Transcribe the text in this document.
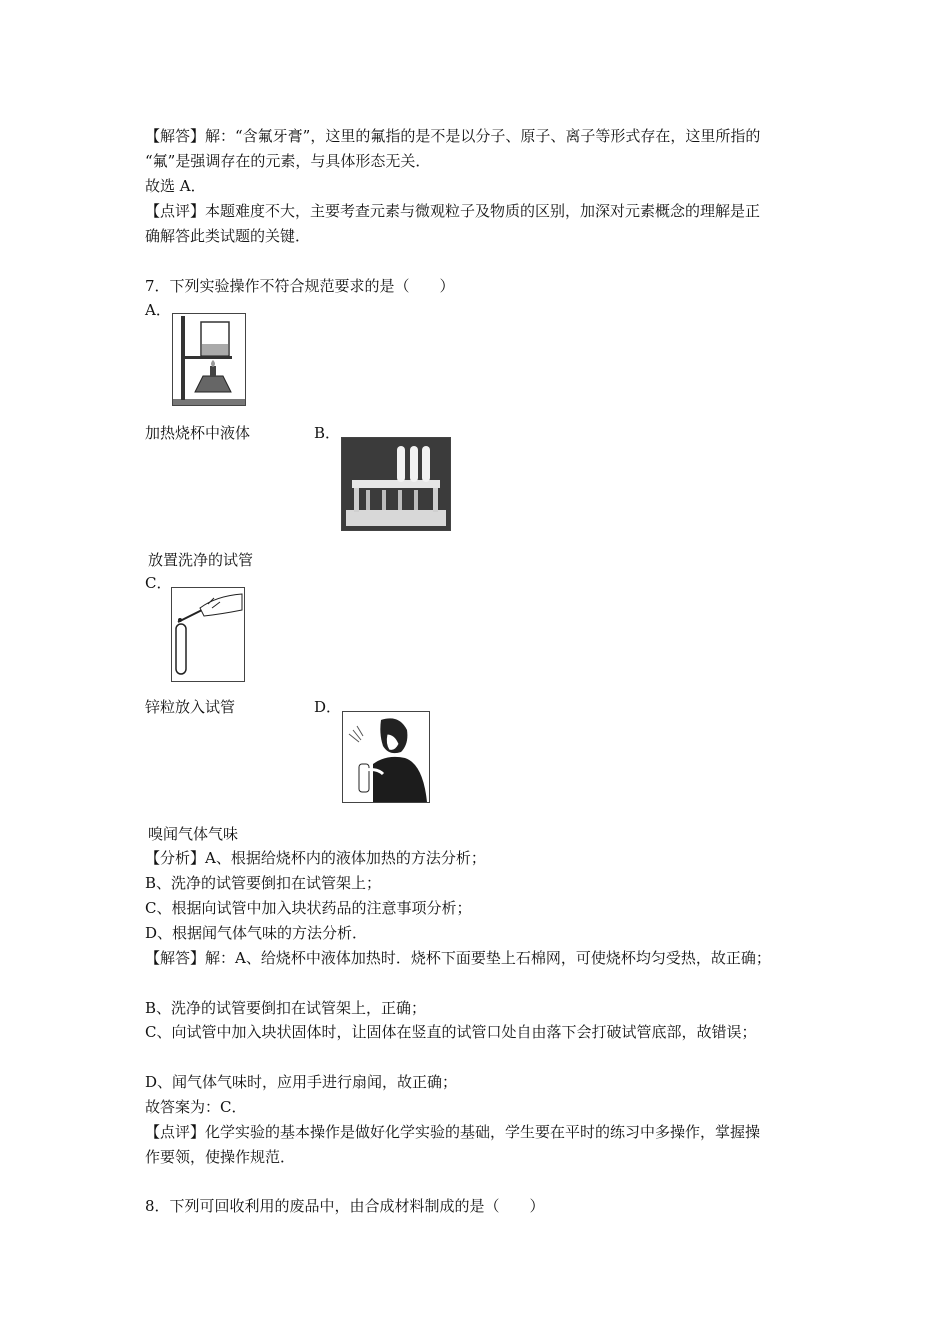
【解答】解：“含氟牙膏”，这里的氟指的是不是以分子、原子、离子等形式存在，这里所指的
“氟”是强调存在的元素，与具体形态无关．
故选 A．
【点评】本题难度不大，主要考查元素与微观粒子及物质的区别，加深对元素概念的理解是正
确解答此类试题的关键．
7．下列实验操作不符合规范要求的是（　　）
A．
加热烧杯中液体	B．
放置洗净的试管
C．
锌粒放入试管	D．
嗅闻气体气味
【分析】A、根据给烧杯内的液体加热的方法分析；
B、洗净的试管要倒扣在试管架上；
C、根据向试管中加入块状药品的注意事项分析；
D、根据闻气体气味的方法分析．
【解答】解：A、给烧杯中液体加热时．烧杯下面要垫上石棉网，可使烧杯均匀受热，故正确；
B、洗净的试管要倒扣在试管架上，正确；
C、向试管中加入块状固体时，让固体在竖直的试管口处自由落下会打破试管底部，故错误；
D、闻气体气味时，应用手进行扇闻，故正确；
故答案为：C．
【点评】化学实验的基本操作是做好化学实验的基础，学生要在平时的练习中多操作，掌握操
作要领，使操作规范．
8．下列可回收利用的废品中，由合成材料制成的是（　　）
